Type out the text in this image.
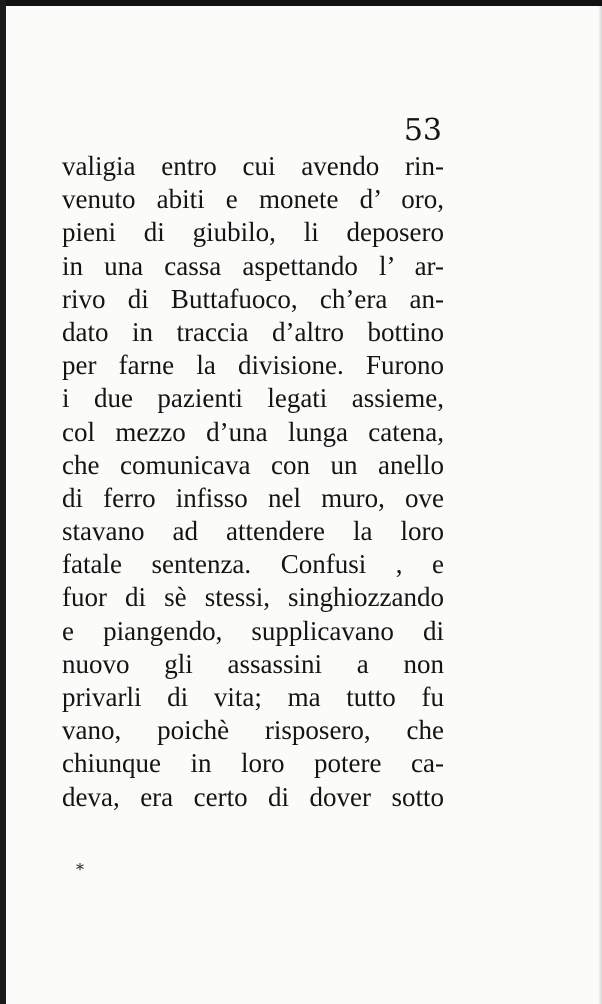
53
valigia entro cui avendo rin-
venuto abiti e monete d’ oro,
pieni di giubilo, li deposero
in una cassa aspettando l’ ar-
rivo di Buttafuoco, ch’era an-
dato in traccia d’altro bottino
per farne la divisione. Furono
i due pazienti legati assieme,
col mezzo d’una lunga catena,
che comunicava con un anello
di ferro infisso nel muro, ove
stavano ad attendere la loro
fatale sentenza. Confusi , e
fuor di sè stessi, singhiozzando
e piangendo, supplicavano di
nuovo gli assassini a non
privarli di vita; ma tutto fu
vano, poichè risposero, che
chiunque in loro potere ca-
deva, era certo di dover sotto
*
